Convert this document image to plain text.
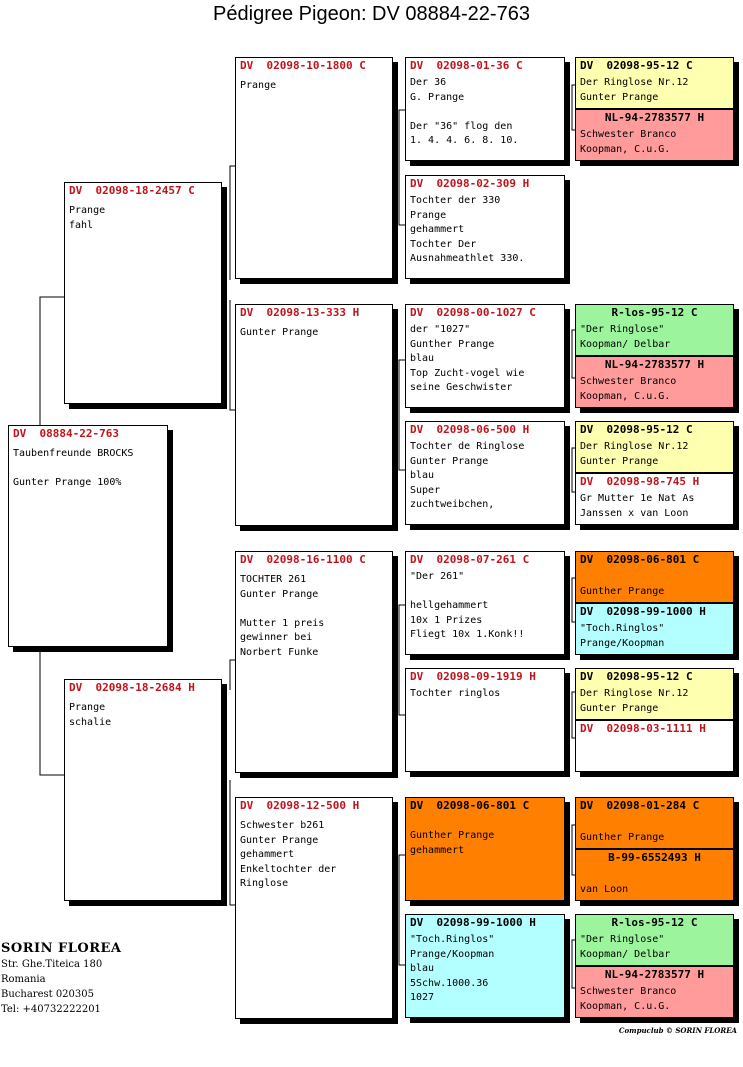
Pédigree Pigeon: DV 08884-22-763
DV  08884-22-763
Taubenfreunde BROCKS

Gunter Prange 100%
DV  02098-18-2457 C
Prange
fahl
DV  02098-18-2684 H
Prange
schalie
DV  02098-10-1800 C
Prange
DV  02098-13-333 H
Gunter Prange
DV  02098-16-1100 C
TOCHTER 261
Gunter Prange

Mutter 1 preis
gewinner bei
Norbert Funke
DV  02098-12-500 H
Schwester b261
Gunter Prange
gehammert
Enkeltochter der
Ringlose
DV  02098-01-36 C
Der 36
G. Prange

Der "36" flog den
1. 4. 4. 6. 8. 10.
DV  02098-02-309 H
Tochter der 330
Prange
gehammert
Tochter Der
Ausnahmeathlet 330.
DV  02098-00-1027 C
der "1027"
Gunther Prange
blau
Top Zucht-vogel wie
seine Geschwister
DV  02098-06-500 H
Tochter de Ringlose
Gunter Prange
blau
Super
zuchtweibchen,
DV  02098-07-261 C
"Der 261"

hellgehammert
10x 1 Prizes
Fliegt 10x 1.Konk!!
DV  02098-09-1919 H
Tochter ringlos
DV  02098-06-801 C
Gunther Prange
gehammert
DV  02098-99-1000 H
"Toch.Ringlos"
Prange/Koopman
blau
5Schw.1000.36
1027
DV  02098-95-12 C
Der Ringlose Nr.12
Gunter Prange
NL-94-2783577 H
Schwester Branco
Koopman, C.u.G.
R-los-95-12 C
"Der Ringlose"
Koopman/ Delbar
NL-94-2783577 H
Schwester Branco
Koopman, C.u.G.
DV  02098-95-12 C
Der Ringlose Nr.12
Gunter Prange
DV  02098-98-745 H
Gr Mutter 1e Nat As
Janssen x van Loon
DV  02098-06-801 C

Gunther Prange
DV  02098-99-1000 H
"Toch.Ringlos"
Prange/Koopman
DV  02098-95-12 C
Der Ringlose Nr.12
Gunter Prange
DV  02098-03-1111 H
DV  02098-01-284 C

Gunther Prange
B-99-6552493 H

van Loon
R-los-95-12 C
"Der Ringlose"
Koopman/ Delbar
NL-94-2783577 H
Schwester Branco
Koopman, C.u.G.
SORIN FLOREA
Str. Ghe.Titeica 180
Romania
Bucharest 020305
Tel: +40732222201
Compuclub © SORIN FLOREA
